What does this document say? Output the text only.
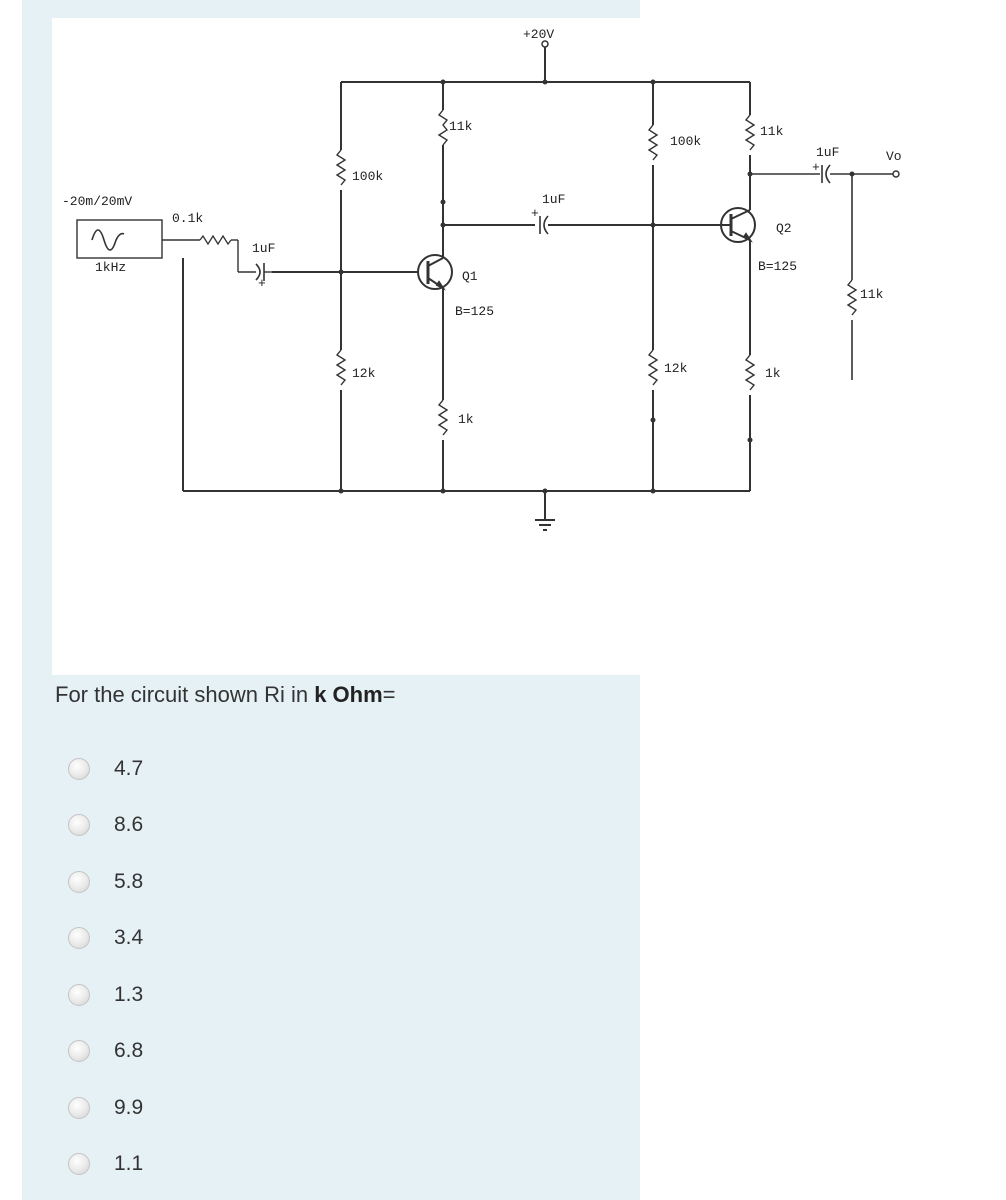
+20V
11k
100k
-20m/20mV
0.1k
1kHz
1uF
+	Q1
B=125
12k
1k
1uF
+
100k
11k
1uF
+
Vo
Q2
B=125
11k
12k	1k
For the circuit shown Ri in k Ohm=
4.7
8.6
5.8
3.4
1.3
6.8
9.9
1.1
